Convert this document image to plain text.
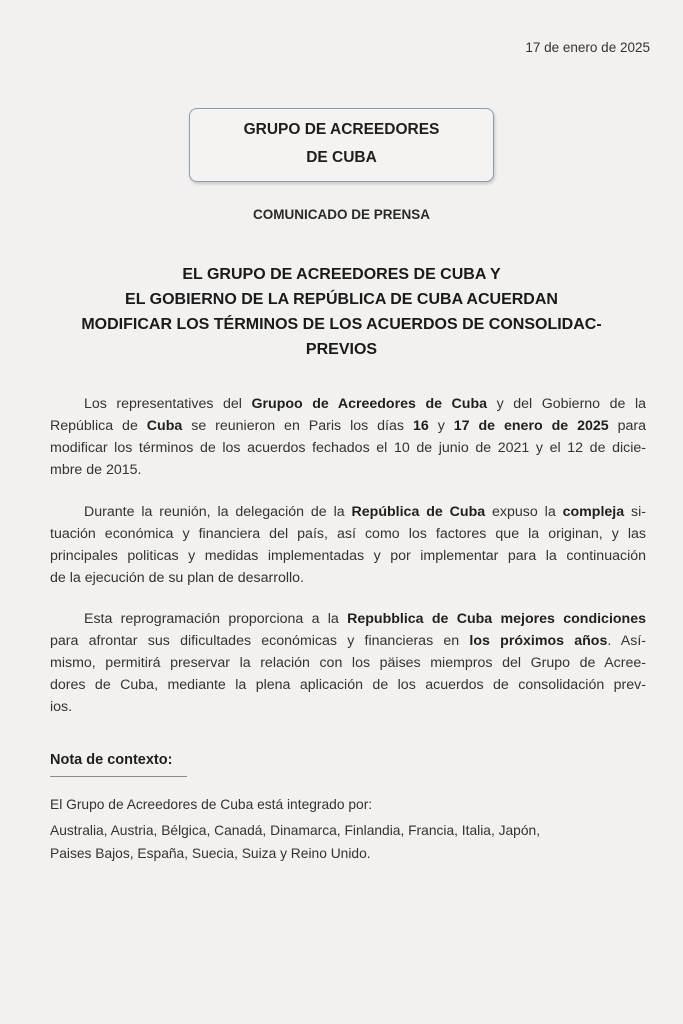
17 de enero de 2025
GRUPO DE ACREEDORES
DE CUBA
COMUNICADO DE PRENSA
EL GRUPO DE ACREEDORES DE CUBA Y
EL GOBIERNO DE LA REPÚBLICA DE CUBA ACUERDAN
MODIFICAR LOS TÉRMINOS DE LOS ACUERDOS DE CONSOLIDAC-
PREVIOS
Los representatives del Grupoo de Acreedores de Cuba y del Gobierno de la
República de Cuba se reunieron en Paris los días 16 y 17 de enero de 2025 para
modificar los términos de los acuerdos fechados el 10 de junio de 2021 y el 12 de dicie-
mbre de 2015.
Durante la reunión, la delegación de la República de Cuba expuso la compleja si-
tuación económica y financiera del país, así como los factores que la originan, y las
principales politicas y medidas implementadas y por implementar para la continuación
de la ejecución de su plan de desarrollo.
Esta reprogramación proporciona a la Repubblica de Cuba mejores condiciones
para afrontar sus dificultades económicas y financieras en los próximos años. Así-
mismo, permitirá preservar la relación con los päises miempros del Grupo de Acree-
dores de Cuba, mediante la plena aplicación de los acuerdos de consolidación prev-
ios.
Nota de contexto:
El Grupo de Acreedores de Cuba está integrado por:
Australia, Austria, Bélgica, Canadá, Dinamarca, Finlandia, Francia, Italia, Japón,
Paises Bajos, España, Suecia, Suiza y Reino Unido.
